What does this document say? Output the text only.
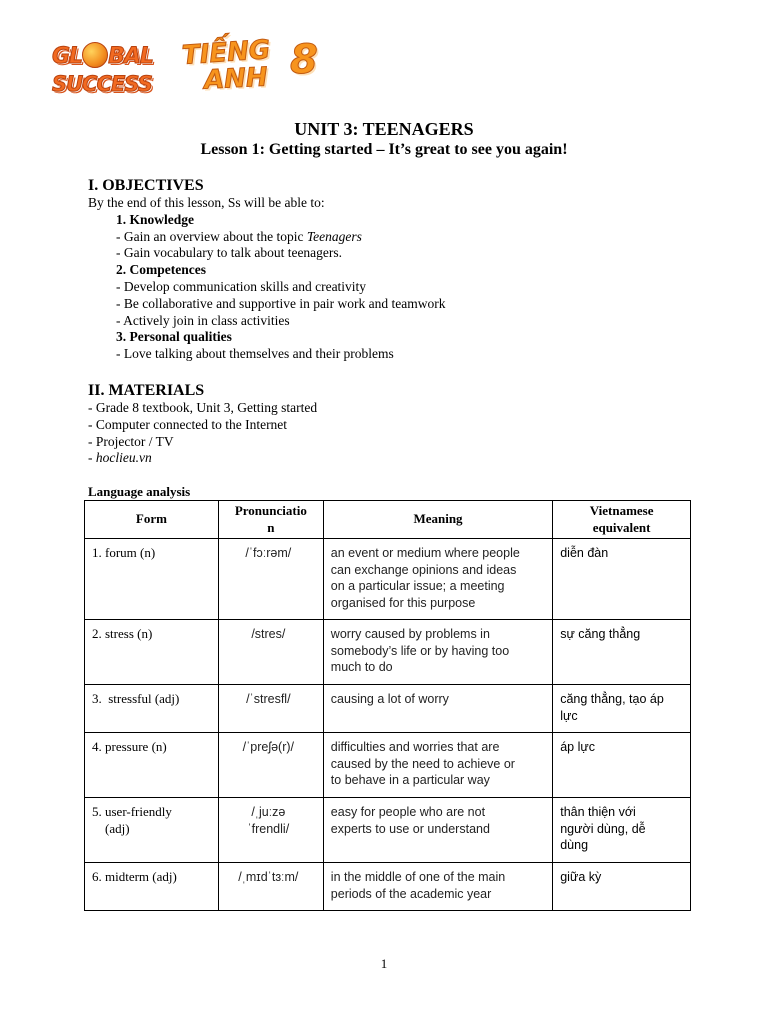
GL BAL
SUCCESS
TIẾNG
ANH 8
UNIT 3: TEENAGERS
Lesson 1: Getting started – It’s great to see you again!

I. OBJECTIVES

By the end of this lesson, Ss will be able to:

1. Knowledge

- Gain an overview about the topic Teenagers

- Gain vocabulary to talk about teenagers.

2. Competences

- Develop communication skills and creativity

- Be collaborative and supportive in pair work and teamwork

- Actively join in class activities

3. Personal qualities

- Love talking about themselves and their problems

II. MATERIALS

- Grade 8 textbook, Unit 3, Getting started

- Computer connected to the Internet

- Projector / TV

- hoclieu.vn

Language analysis
Form	Pronunciatio
n	Meaning	Vietnamese
equivalent
1. forum (n)	/ˈfɔːrəm/	an event or medium where people
can exchange opinions and ideas
on a particular issue; a meeting
organised for this purpose	diễn đàn
2. stress (n)	/stres/	worry caused by problems in
somebody’s life or by having too
much to do	sự căng thẳng
3.  stressful (adj)	/ˈstresfl/	causing a lot of worry	căng thẳng, tạo áp
lực
4. pressure (n)	/ˈpreʃə(r)/	difficulties and worries that are
caused by the need to achieve or
to behave in a particular way	áp lực
5. user-friendly
(adj)	/ˌjuːzə
ˈfrendli/	easy for people who are not
experts to use or understand	thân thiện với
người dùng, dễ
dùng
6. midterm (adj)	/ˌmɪdˈtɜːm/	in the middle of one of the main
periods of the academic year	giữa kỳ
1
